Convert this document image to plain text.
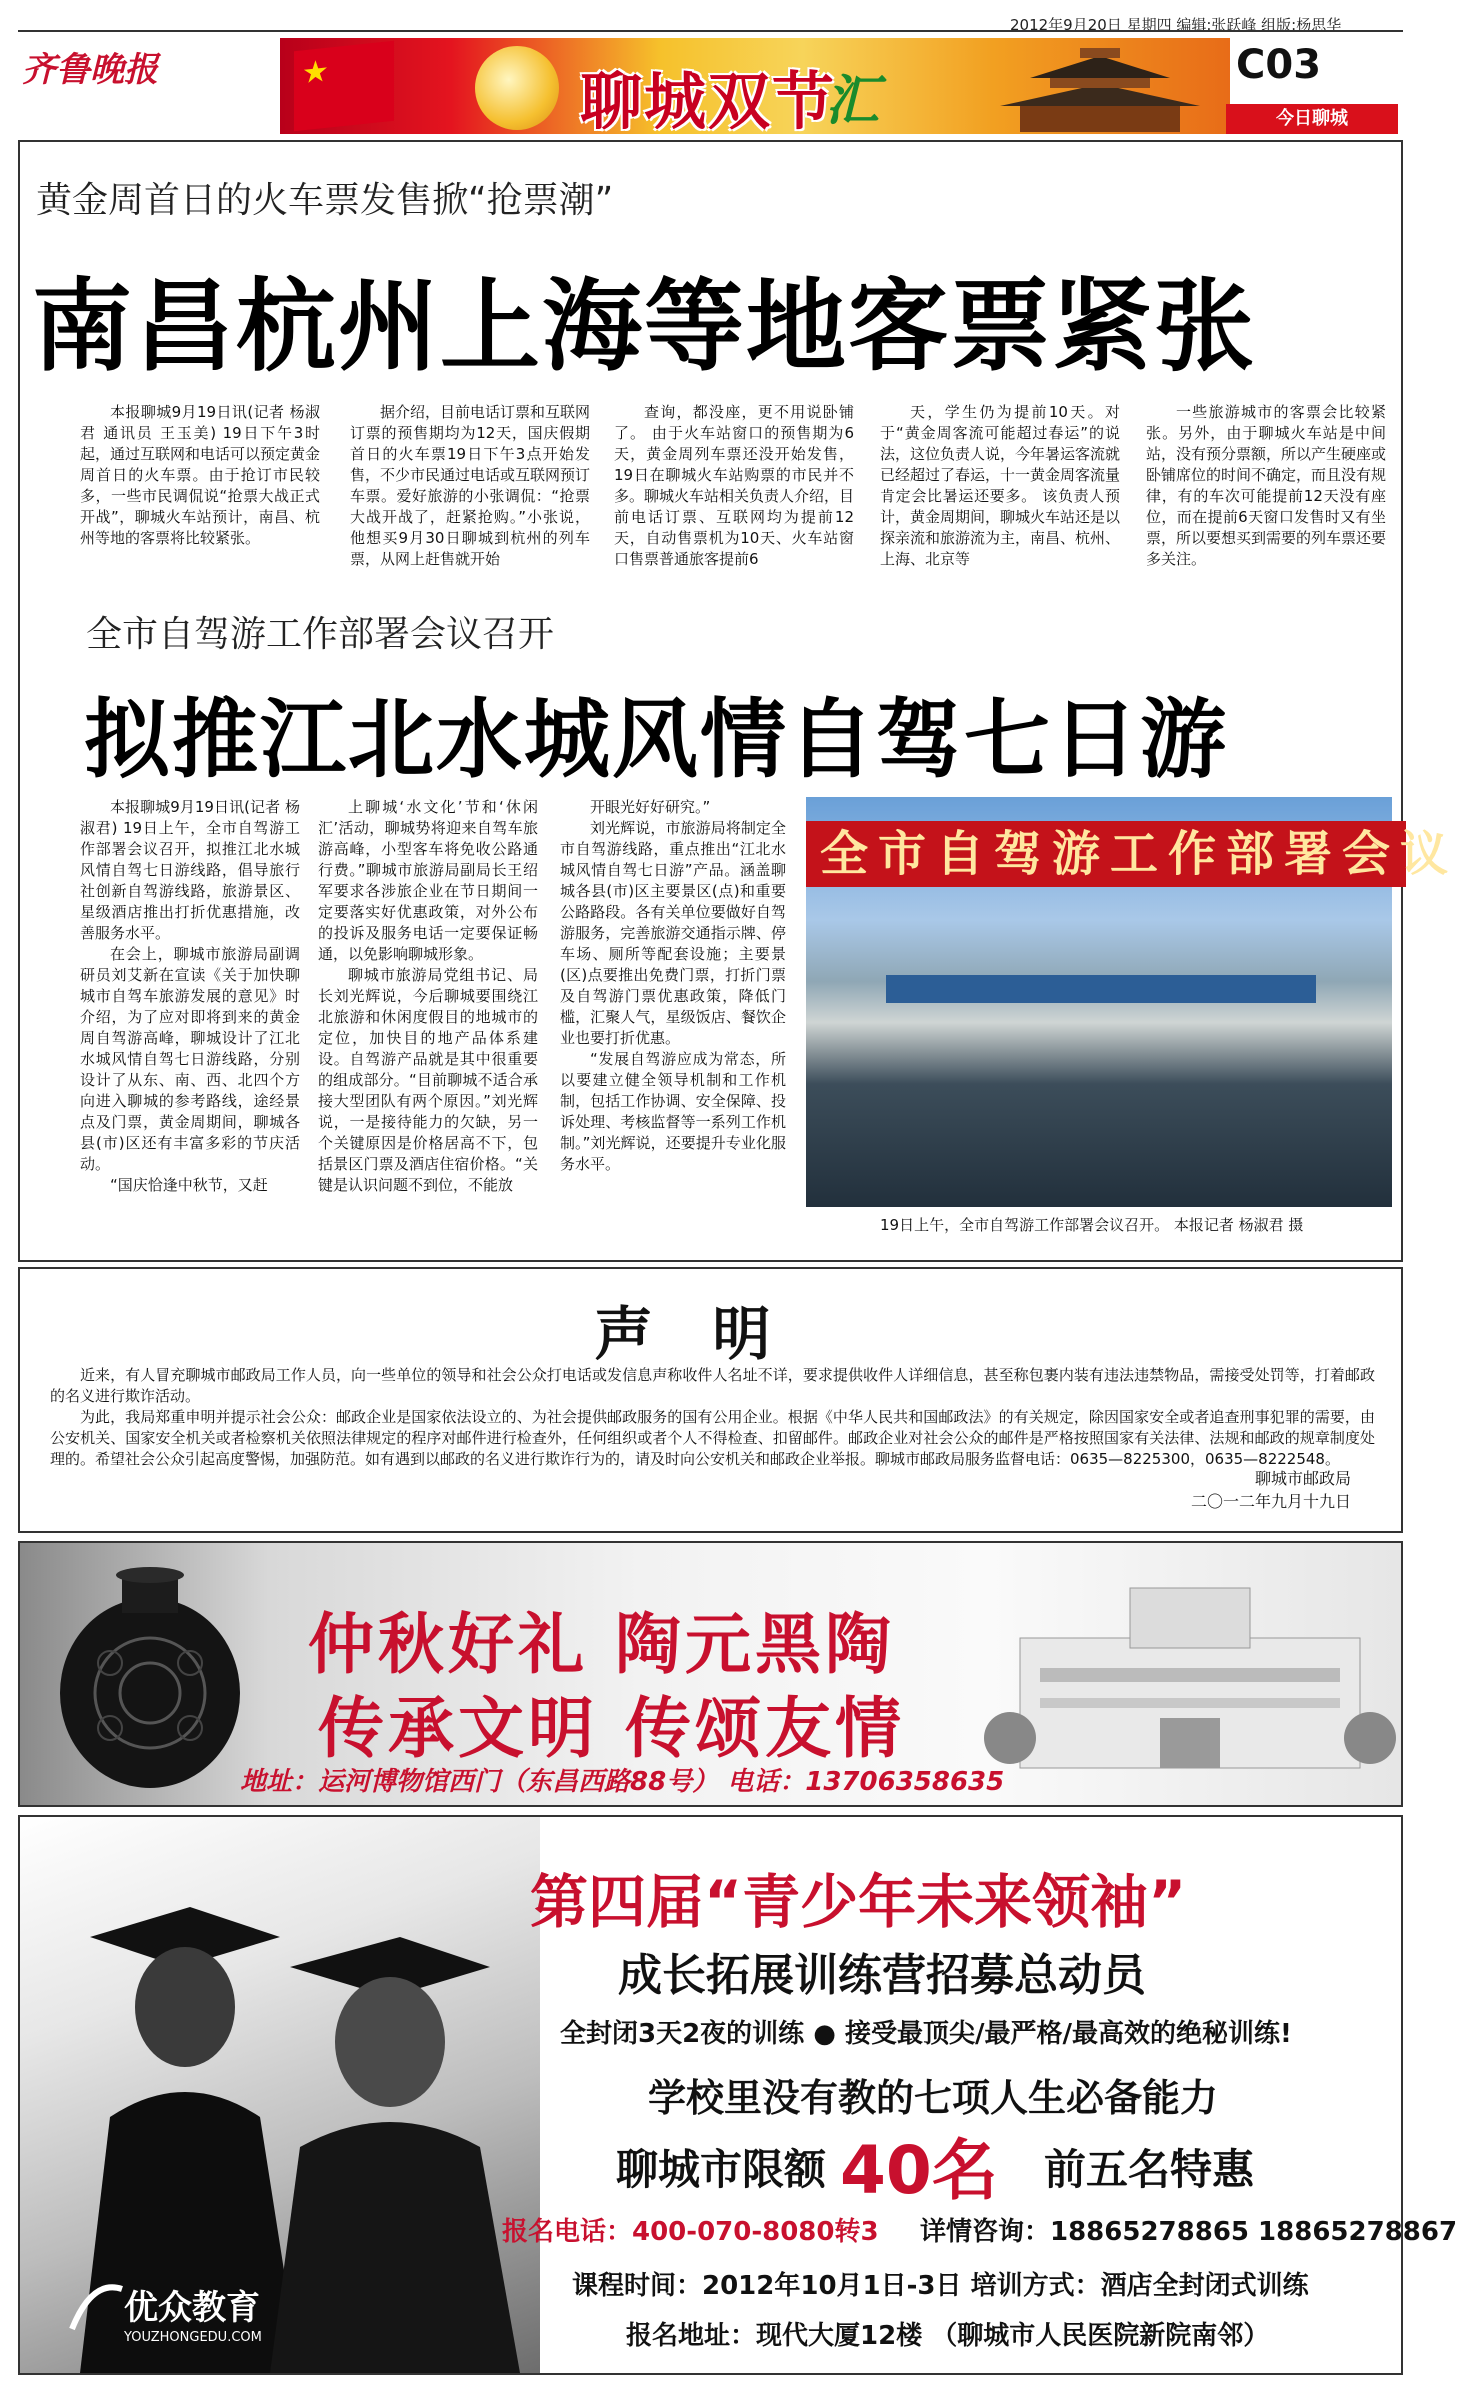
2012年9月20日 星期四 编辑:张跃峰 组版:杨思华
齐鲁晚报	★	聊城双节
汇
C03
今日聊城
黄金周首日的火车票发售掀“抢票潮”
南昌杭州上海等地客票紧张

本报聊城9月19日讯(记者 杨淑君 通讯员 王玉美) 19日下午3时起，通过互联网和电话可以预定黄金周首日的火车票。由于抢订市民较多，一些市民调侃说“抢票大战正式开战”，聊城火车站预计，南昌、杭州等地的客票将比较紧张。

据介绍，目前电话订票和互联网订票的预售期均为12天，国庆假期首日的火车票19日下午3点开始发售，不少市民通过电话或互联网预订车票。爱好旅游的小张调侃：“抢票大战开战了，赶紧抢购。”小张说，他想买9月30日聊城到杭州的列车票，从网上赶售就开始

查询，都没座，更不用说卧铺了。 由于火车站窗口的预售期为6天，黄金周列车票还没开始发售，19日在聊城火车站购票的市民并不多。聊城火车站相关负责人介绍，目前电话订票、互联网均为提前12天，自动售票机为10天、火车站窗口售票普通旅客提前6

天，学生仍为提前10天。对于“黄金周客流可能超过春运”的说法，这位负责人说，今年暑运客流就已经超过了春运，十一黄金周客流量肯定会比暑运还要多。 该负责人预计，黄金周期间，聊城火车站还是以探亲流和旅游流为主，南昌、杭州、上海、北京等

一些旅游城市的客票会比较紧张。另外，由于聊城火车站是中间站，没有预分票额，所以产生硬座或卧铺席位的时间不确定，而且没有规律，有的车次可能提前12天没有座位，而在提前6天窗口发售时又有坐票，所以要想买到需要的列车票还要多关注。

全市自驾游工作部署会议召开
拟推江北水城风情自驾七日游

本报聊城9月19日讯(记者 杨淑君) 19日上午，全市自驾游工作部署会议召开，拟推江北水城风情自驾七日游线路，倡导旅行社创新自驾游线路，旅游景区、星级酒店推出打折优惠措施，改善服务水平。

在会上，聊城市旅游局副调研员刘艾新在宣读《关于加快聊城市自驾车旅游发展的意见》时介绍，为了应对即将到来的黄金周自驾游高峰，聊城设计了江北水城风情自驾七日游线路，分别设计了从东、南、西、北四个方向进入聊城的参考路线，途经景点及门票，黄金周期间，聊城各县(市)区还有丰富多彩的节庆活动。

“国庆恰逢中秋节，又赶

上聊城‘水文化’节和‘休闲汇’活动，聊城势将迎来自驾车旅游高峰，小型客车将免收公路通行费。”聊城市旅游局副局长王绍军要求各涉旅企业在节日期间一定要落实好优惠政策，对外公布的投诉及服务电话一定要保证畅通，以免影响聊城形象。

聊城市旅游局党组书记、局长刘光辉说，今后聊城要围绕江北旅游和休闲度假目的地城市的定位，加快目的地产品体系建设。自驾游产品就是其中很重要的组成部分。“目前聊城不适合承接大型团队有两个原因。”刘光辉说，一是接待能力的欠缺，另一个关键原因是价格居高不下，包括景区门票及酒店住宿价格。“关键是认识问题不到位，不能放

开眼光好好研究。”

刘光辉说，市旅游局将制定全市自驾游线路，重点推出“江北水城风情自驾七日游”产品。涵盖聊城各县(市)区主要景区(点)和重要公路路段。各有关单位要做好自驾游服务，完善旅游交通指示牌、停车场、厕所等配套设施；主要景(区)点要推出免费门票，打折门票及自驾游门票优惠政策，降低门槛，汇聚人气，星级饭店、餐饮企业也要打折优惠。

“发展自驾游应成为常态，所以要建立健全领导机制和工作机制，包括工作协调、安全保障、投诉处理、考核监督等一系列工作机制。”刘光辉说，还要提升专业化服务水平。

全市自驾游工作部署会议
19日上午，全市自驾游工作部署会议召开。 本报记者 杨淑君 摄
声明

近来，有人冒充聊城市邮政局工作人员，向一些单位的领导和社会公众打电话或发信息声称收件人名址不详，要求提供收件人详细信息，甚至称包裹内装有违法违禁物品，需接受处罚等，打着邮政的名义进行欺诈活动。

为此，我局郑重申明并提示社会公众：邮政企业是国家依法设立的、为社会提供邮政服务的国有公用企业。根据《中华人民共和国邮政法》的有关规定，除因国家安全或者追查刑事犯罪的需要，由公安机关、国家安全机关或者检察机关依照法律规定的程序对邮件进行检查外，任何组织或者个人不得检查、扣留邮件。邮政企业对社会公众的邮件是严格按照国家有关法律、法规和邮政的规章制度处理的。希望社会公众引起高度警惕，加强防范。如有遇到以邮政的名义进行欺诈行为的，请及时向公安机关和邮政企业举报。聊城市邮政局服务监督电话：0635—8225300，0635—8222548。

聊城市邮政局
二〇一二年九月十九日
仲秋好礼 陶元黑陶
传承文明 传颂友情
地址：运河博物馆西门（东昌西路88号） 电话：13706358635
优众教育
YOUZHONGEDU.COM
第四届“青少年未来领袖”
成长拓展训练营招募总动员
全封闭3天2夜的训练 ● 接受最顶尖/最严格/最高效的绝秘训练!
学校里没有教的七项人生必备能力
聊城市限额 40名 前五名特惠
报名电话：400-070-8080转3 详情咨询：18865278865 18865278867
课程时间：2012年10月1日-3日 培训方式：酒店全封闭式训练
报名地址：现代大厦12楼 （聊城市人民医院新院南邻）
